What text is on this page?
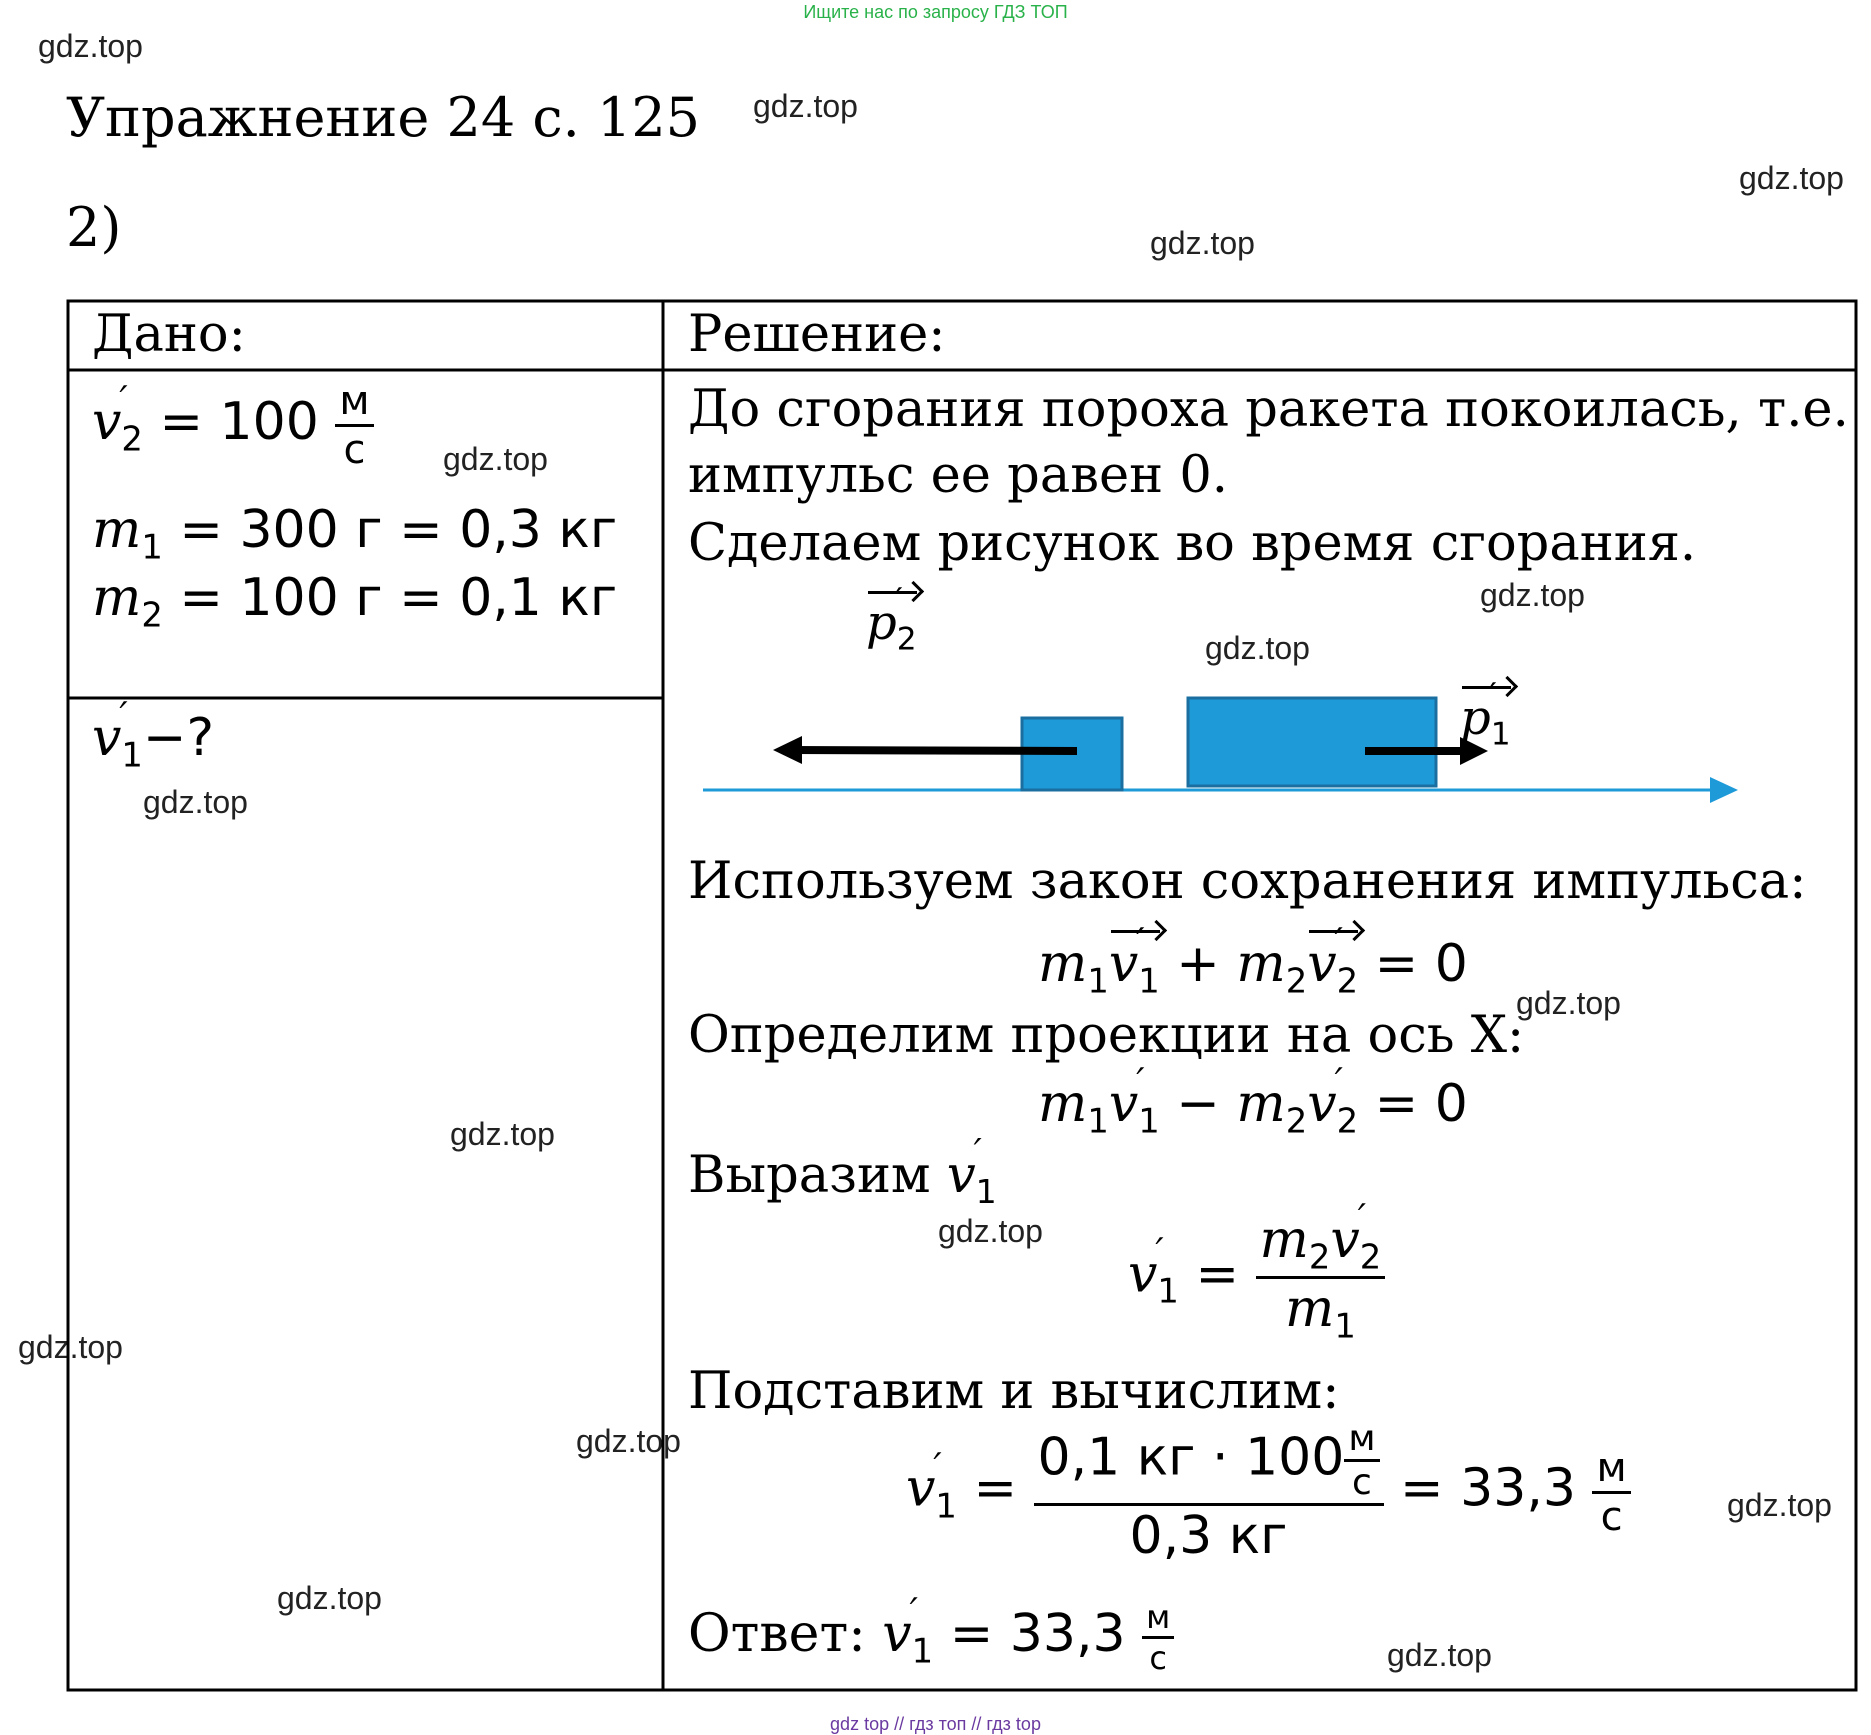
Ищите нас по запросу ГДЗ ТОП
gdz top // гдз топ // гдз top
gdz.top
gdz.top
gdz.top
gdz.top
gdz.top
gdz.top
gdz.top
gdz.top
gdz.top
gdz.top
gdz.top
gdz.top
gdz.top
gdz.top
gdz.top
gdz.top
Упражнение 24 с. 125
2)
Дано:
v
′
$_2 = 100 \frac{м}{с}$
$m_1 = 300$ г = 0,3 кг
$m_2 = 100$ г = 0,1 кг
v
′
$_1$−?
Решение:
До сгорания пороха ракета покоилась, т.е.
импульс ее равен 0.
Сделаем рисунок во время сгорания.
p
′
$_2$
p
′
$_1$
Используем закон сохранения импульса:
$m_1v$
′
$_1 + m_2v$
′
$_2$ = 0
Определим проекции на ось X:
$m_1v$
′
$_1 - m_2v$
′
$_2$ = 0
Выразим v
′
$_1$
v
′
$_1 = m_2v$
′
$_2$
$m_1$
Подставим и вычислим:
v
′
$_1 = \frac{0,1 кг \cdot 100 \frac{м}{с}}{0,3 кг} = 33,3 \frac{м}{с}$
Ответ: v
′
$_1 = 33,3 \frac{м}{с}$
